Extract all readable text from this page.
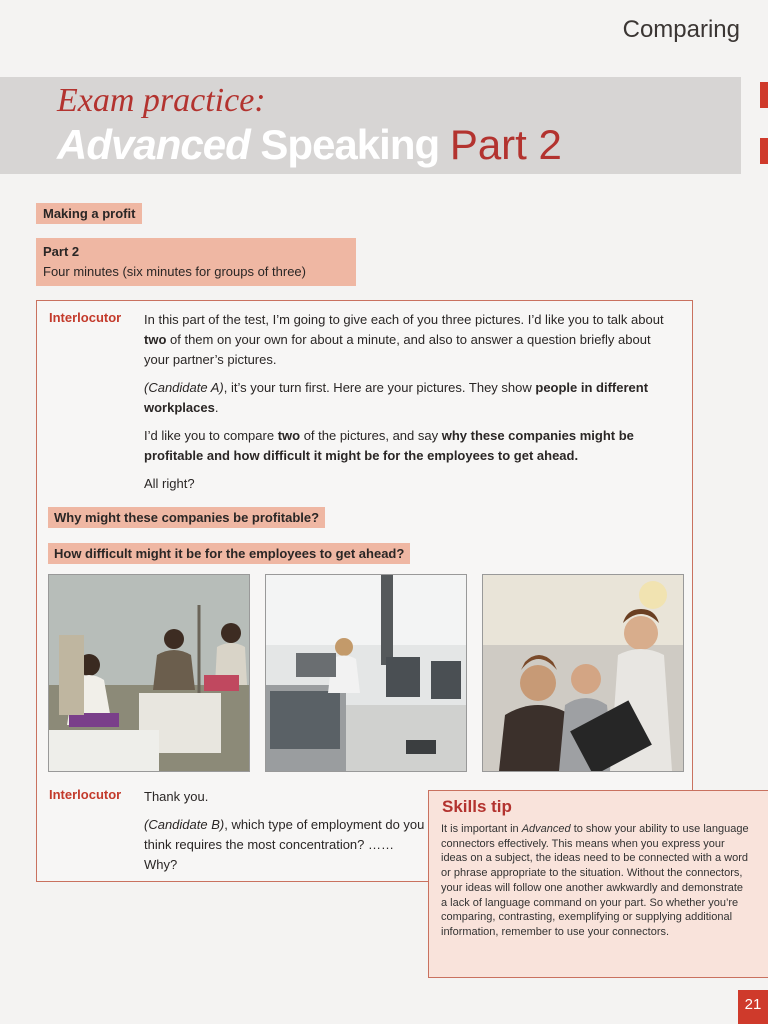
Comparing
Exam practice:
Advanced Speaking Part 2
Making a profit
Part 2
Four minutes (six minutes for groups of three)
Interlocutor In this part of the test, I’m going to give each of you three pictures. I’d like you to talk about two of them on your own for about a minute, and also to answer a question briefly about your partner’s pictures.

(Candidate A), it’s your turn first. Here are your pictures. They show people in different workplaces.

I’d like you to compare two of the pictures, and say why these companies might be profitable and how difficult it might be for the employees to get ahead.

All right?

Why might these companies be profitable?
How difficult might it be for the employees to get ahead?
Interlocutor Thank you.

(Candidate B), which type of employment do you think requires the most concentration? …… Why?

Skills tip
It is important in Advanced to show your ability to use language connectors effectively. This means when you express your ideas on a subject, the ideas need to be connected with a word or phrase appropriate to the situation. Without the connectors, your ideas will follow one another awkwardly and demonstrate a lack of language command on your part. So whether you’re comparing, contrasting, exemplifying or supplying additional information, remember to use your connectors.
21
